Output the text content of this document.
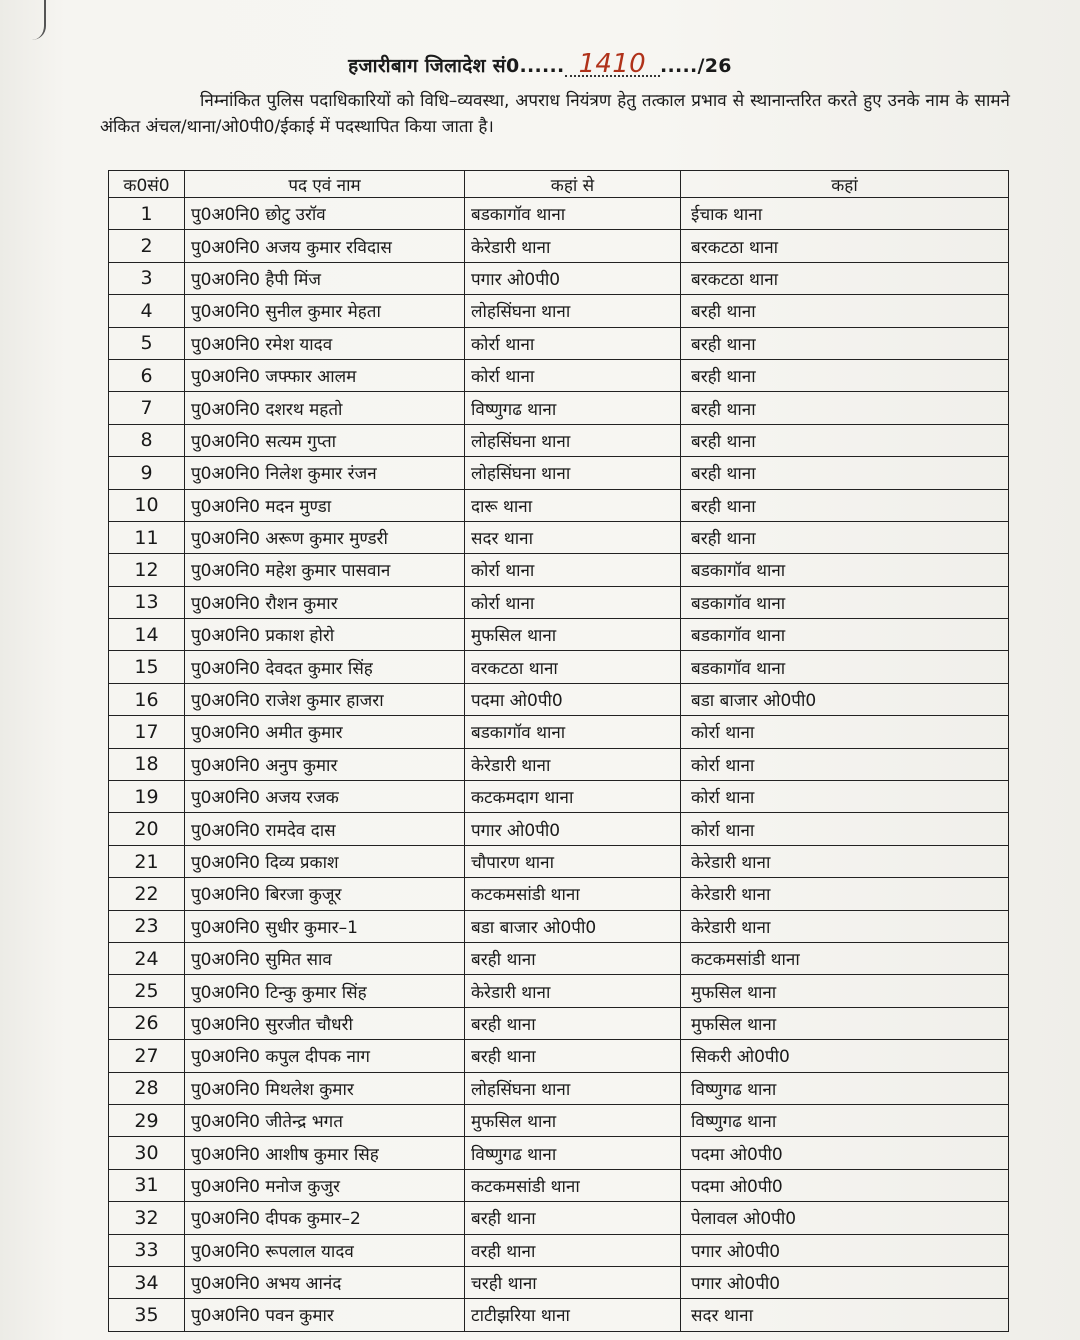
हजारीबाग जिलादेश सं0...... 1410 ...../26

निम्नांकित पुलिस पदाधिकारियों को विधि–व्यवस्था, अपराध नियंत्रण हेतु तत्काल प्रभाव से स्थानान्तरित करते हुए उनके नाम के सामने अंकित अंचल/थाना/ओ0पी0/ईकाई में पदस्थापित किया जाता है।

क0सं0	पद एवं नाम	कहां से	कहां
1	पु0अ0नि0 छोटु उरॉव	बडकागॉव थाना	ईचाक थाना
2	पु0अ0नि0 अजय कुमार रविदास	केरेडारी थाना	बरकटठा थाना
3	पु0अ0नि0 हैपी मिंज	पगार ओ0पी0	बरकटठा थाना
4	पु0अ0नि0 सुनील कुमार मेहता	लोहसिंघना थाना	बरही थाना
5	पु0अ0नि0 रमेश यादव	कोर्रा थाना	बरही थाना
6	पु0अ0नि0 जफ्फार आलम	कोर्रा थाना	बरही थाना
7	पु0अ0नि0 दशरथ महतो	विष्णुगढ थाना	बरही थाना
8	पु0अ0नि0 सत्यम गुप्ता	लोहसिंघना थाना	बरही थाना
9	पु0अ0नि0 निलेश कुमार रंजन	लोहसिंघना थाना	बरही थाना
10	पु0अ0नि0 मदन मुण्डा	दारू थाना	बरही थाना
11	पु0अ0नि0 अरूण कुमार मुण्डरी	सदर थाना	बरही थाना
12	पु0अ0नि0 महेश कुमार पासवान	कोर्रा थाना	बडकागॉव थाना
13	पु0अ0नि0 रौशन कुमार	कोर्रा थाना	बडकागॉव थाना
14	पु0अ0नि0 प्रकाश होरो	मुफसिल थाना	बडकागॉव थाना
15	पु0अ0नि0 देवदत कुमार सिंह	वरकटठा थाना	बडकागॉव थाना
16	पु0अ0नि0 राजेश कुमार हाजरा	पदमा ओ0पी0	बडा बाजार ओ0पी0
17	पु0अ0नि0 अमीत कुमार	बडकागॉव थाना	कोर्रा थाना
18	पु0अ0नि0 अनुप कुमार	केरेडारी थाना	कोर्रा थाना
19	पु0अ0नि0 अजय रजक	कटकमदाग थाना	कोर्रा थाना
20	पु0अ0नि0 रामदेव दास	पगार ओ0पी0	कोर्रा थाना
21	पु0अ0नि0 दिव्य प्रकाश	चौपारण थाना	केरेडारी थाना
22	पु0अ0नि0 बिरजा कुजूर	कटकमसांडी थाना	केरेडारी थाना
23	पु0अ0नि0 सुधीर कुमार–1	बडा बाजार ओ0पी0	केरेडारी थाना
24	पु0अ0नि0 सुमित साव	बरही थाना	कटकमसांडी थाना
25	पु0अ0नि0 टिन्कु कुमार सिंह	केरेडारी थाना	मुफसिल थाना
26	पु0अ0नि0 सुरजीत चौधरी	बरही थाना	मुफसिल थाना
27	पु0अ0नि0 कपुल दीपक नाग	बरही थाना	सिकरी ओ0पी0
28	पु0अ0नि0 मिथलेश कुमार	लोहसिंघना थाना	विष्णुगढ थाना
29	पु0अ0नि0 जीतेन्द्र भगत	मुफसिल थाना	विष्णुगढ थाना
30	पु0अ0नि0 आशीष कुमार सिह	विष्णुगढ थाना	पदमा ओ0पी0
31	पु0अ0नि0 मनोज कुजुर	कटकमसांडी थाना	पदमा ओ0पी0
32	पु0अ0नि0 दीपक कुमार–2	बरही थाना	पेलावल ओ0पी0
33	पु0अ0नि0 रूपलाल यादव	वरही थाना	पगार ओ0पी0
34	पु0अ0नि0 अभय आनंद	चरही थाना	पगार ओ0पी0
35	पु0अ0नि0 पवन कुमार	टाटीझरिया थाना	सदर थाना
